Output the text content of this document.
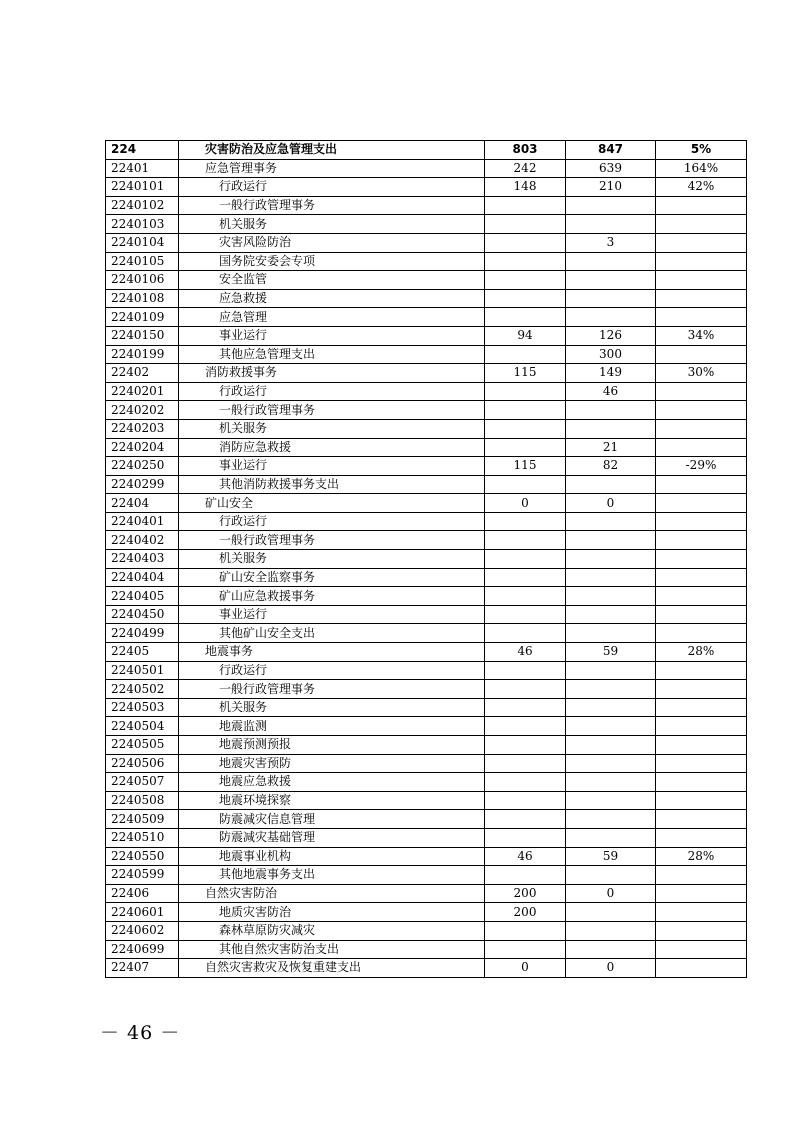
224	灾害防治及应急管理支出	803	847	5%
22401	应急管理事务	242	639	164%
2240101	行政运行	148	210	42%
2240102	一般行政管理事务			
2240103	机关服务			
2240104	灾害风险防治		3	
2240105	国务院安委会专项			
2240106	安全监管			
2240108	应急救援			
2240109	应急管理			
2240150	事业运行	94	126	34%
2240199	其他应急管理支出		300	
22402	消防救援事务	115	149	30%
2240201	行政运行		46	
2240202	一般行政管理事务			
2240203	机关服务			
2240204	消防应急救援		21	
2240250	事业运行	115	82	-29%
2240299	其他消防救援事务支出			
22404	矿山安全	0	0	
2240401	行政运行			
2240402	一般行政管理事务			
2240403	机关服务			
2240404	矿山安全监察事务			
2240405	矿山应急救援事务			
2240450	事业运行			
2240499	其他矿山安全支出			
22405	地震事务	46	59	28%
2240501	行政运行			
2240502	一般行政管理事务			
2240503	机关服务			
2240504	地震监测			
2240505	地震预测预报			
2240506	地震灾害预防			
2240507	地震应急救援			
2240508	地震环境探察			
2240509	防震减灾信息管理			
2240510	防震减灾基础管理			
2240550	地震事业机构	46	59	28%
2240599	其他地震事务支出			
22406	自然灾害防治	200	0	
2240601	地质灾害防治	200		
2240602	森林草原防灾减灾			
2240699	其他自然灾害防治支出			
22407	自然灾害救灾及恢复重建支出	0	0	
－ 46 －
